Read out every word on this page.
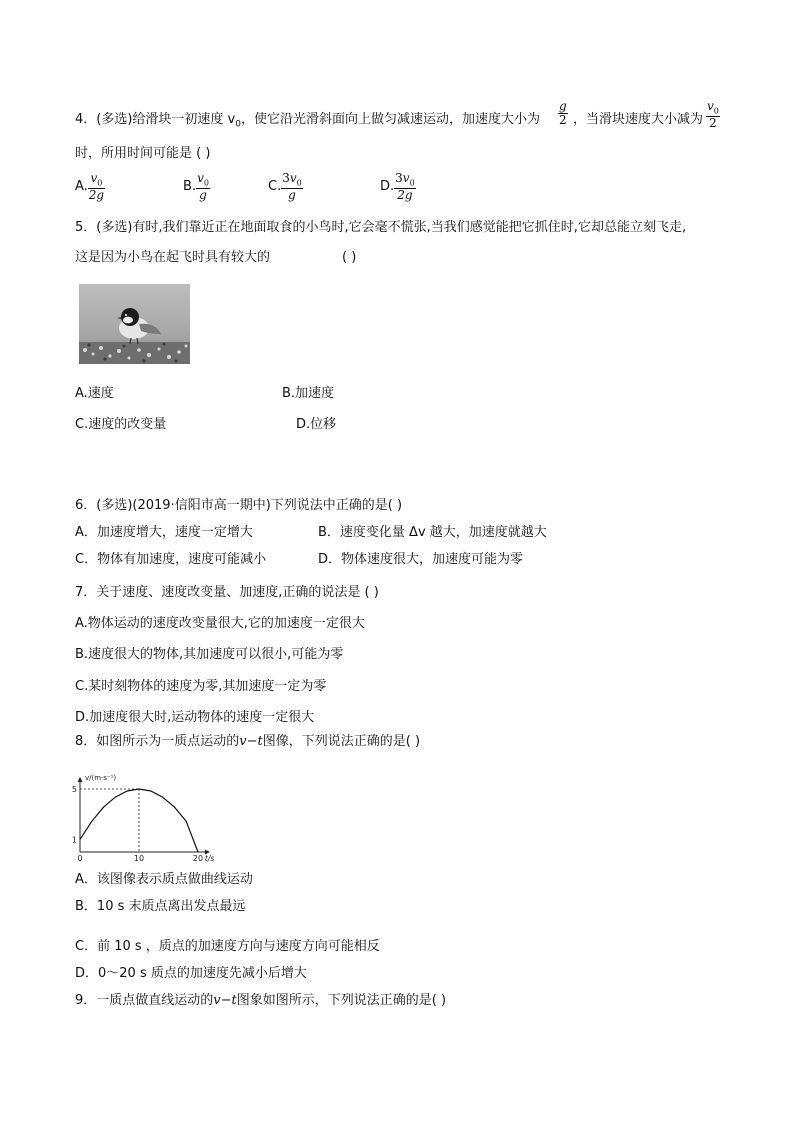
4．(多选)给滑块一初速度 $v_0$，使它沿光滑斜面向上做匀减速运动，加速度大小为 $\frac{g}{2}$ ，当滑块速度大小减为 $\frac{v_0}{2}$
时，所用时间可能是 ( )
A. $\frac{v_0}{2g}$	B. $\frac{v_0}{g}$	C. $\frac{3v_0}{g}$	D. $\frac{3v_0}{2g}$
5．(多选)有时,我们靠近正在地面取食的小鸟时,它会毫不慌张,当我们感觉能把它抓住时,它却总能立刻飞走,
这是因为小鸟在起飞时具有较大的	( )
A.速度	B.加速度
C.速度的改变量	D.位移
6．(多选)(2019·信阳市高一期中)下列说法中正确的是( )
A．加速度增大，速度一定增大	B．速度变化量 Δv 越大，加速度就越大
C．物体有加速度，速度可能减小	D．物体速度很大，加速度可能为零
7．关于速度、速度改变量、加速度,正确的说法是 ( )
A.物体运动的速度改变量很大,它的加速度一定很大
B.速度很大的物体,其加速度可以很小,可能为零
C.某时刻物体的速度为零,其加速度一定为零
D.加速度很大时,运动物体的速度一定很大
8．如图所示为一质点运动的v−t图像，下列说法正确的是( )
v/(m·s⁻¹)
t/s
0	10	20
1
5
A．该图像表示质点做曲线运动
B．10 s 末质点离出发点最远
C．前 10 s ，质点的加速度方向与速度方向可能相反
D．0～20 s 质点的加速度先减小后增大
9．一质点做直线运动的v−t图象如图所示，下列说法正确的是( )
